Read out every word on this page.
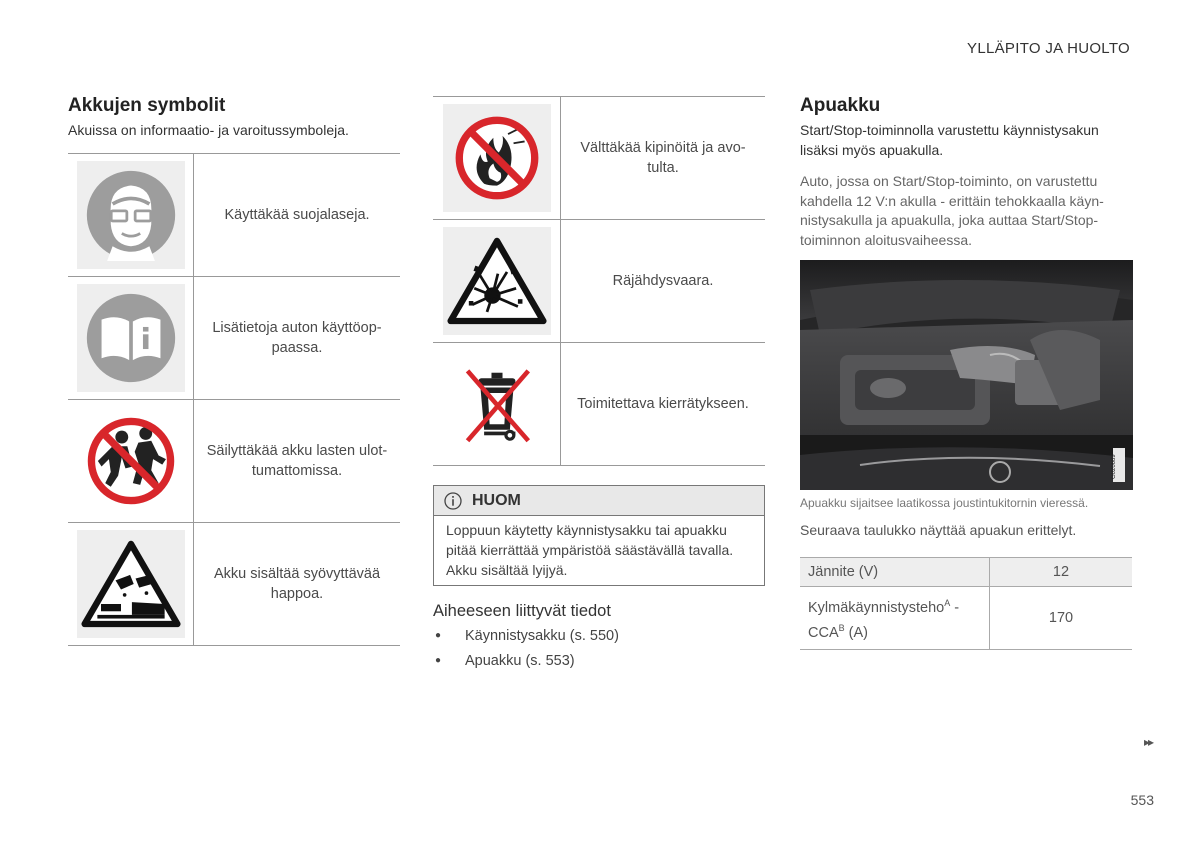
YLLÄPITO JA HUOLTO
▸▸
553
Akkujen symbolit
Akuissa on informaatio- ja varoitussymboleja.
	Käyttäkää suojalaseja.

	Lisätietoja auton käyttöop-paassa.

	Säilyttäkää akku lasten ulot-tumattomissa.

	Akku sisältää syövyttävää happoa.
	Välttäkää kipinöitä ja avo-tulta.

	Räjähdysvaara.

	Toimitettava kierrätykseen.
HUOM
Loppuun käytetty käynnistysakku tai apuakku pitää kierrättää ympäristöä säästävällä tavalla. Akku sisältää lyijyä.
Aiheeseen liittyvät tiedot
●	Käynnistysakku (s. 550)
●	Apuakku (s. 553)
Apuakku
Start/Stop-toiminnolla varustettu käynnistysakun lisäksi myös apuakulla.
Auto, jossa on Start/Stop-toiminto, on varustettu kahdella 12 V:n akulla - erittäin tehokkaalla käyn-nistysakulla ja apuakulla, joka auttaa Start/Stop-toiminnon aloitusvaiheessa.
G020689
Apuakku sijaitsee laatikossa joustintukitornin vieressä.
Seuraava taulukko näyttää apuakun erittelyt.
Jännite (V)	12
Kylmäkäynnistysteho$^A$ -
$CCA^B$ (A)	170
